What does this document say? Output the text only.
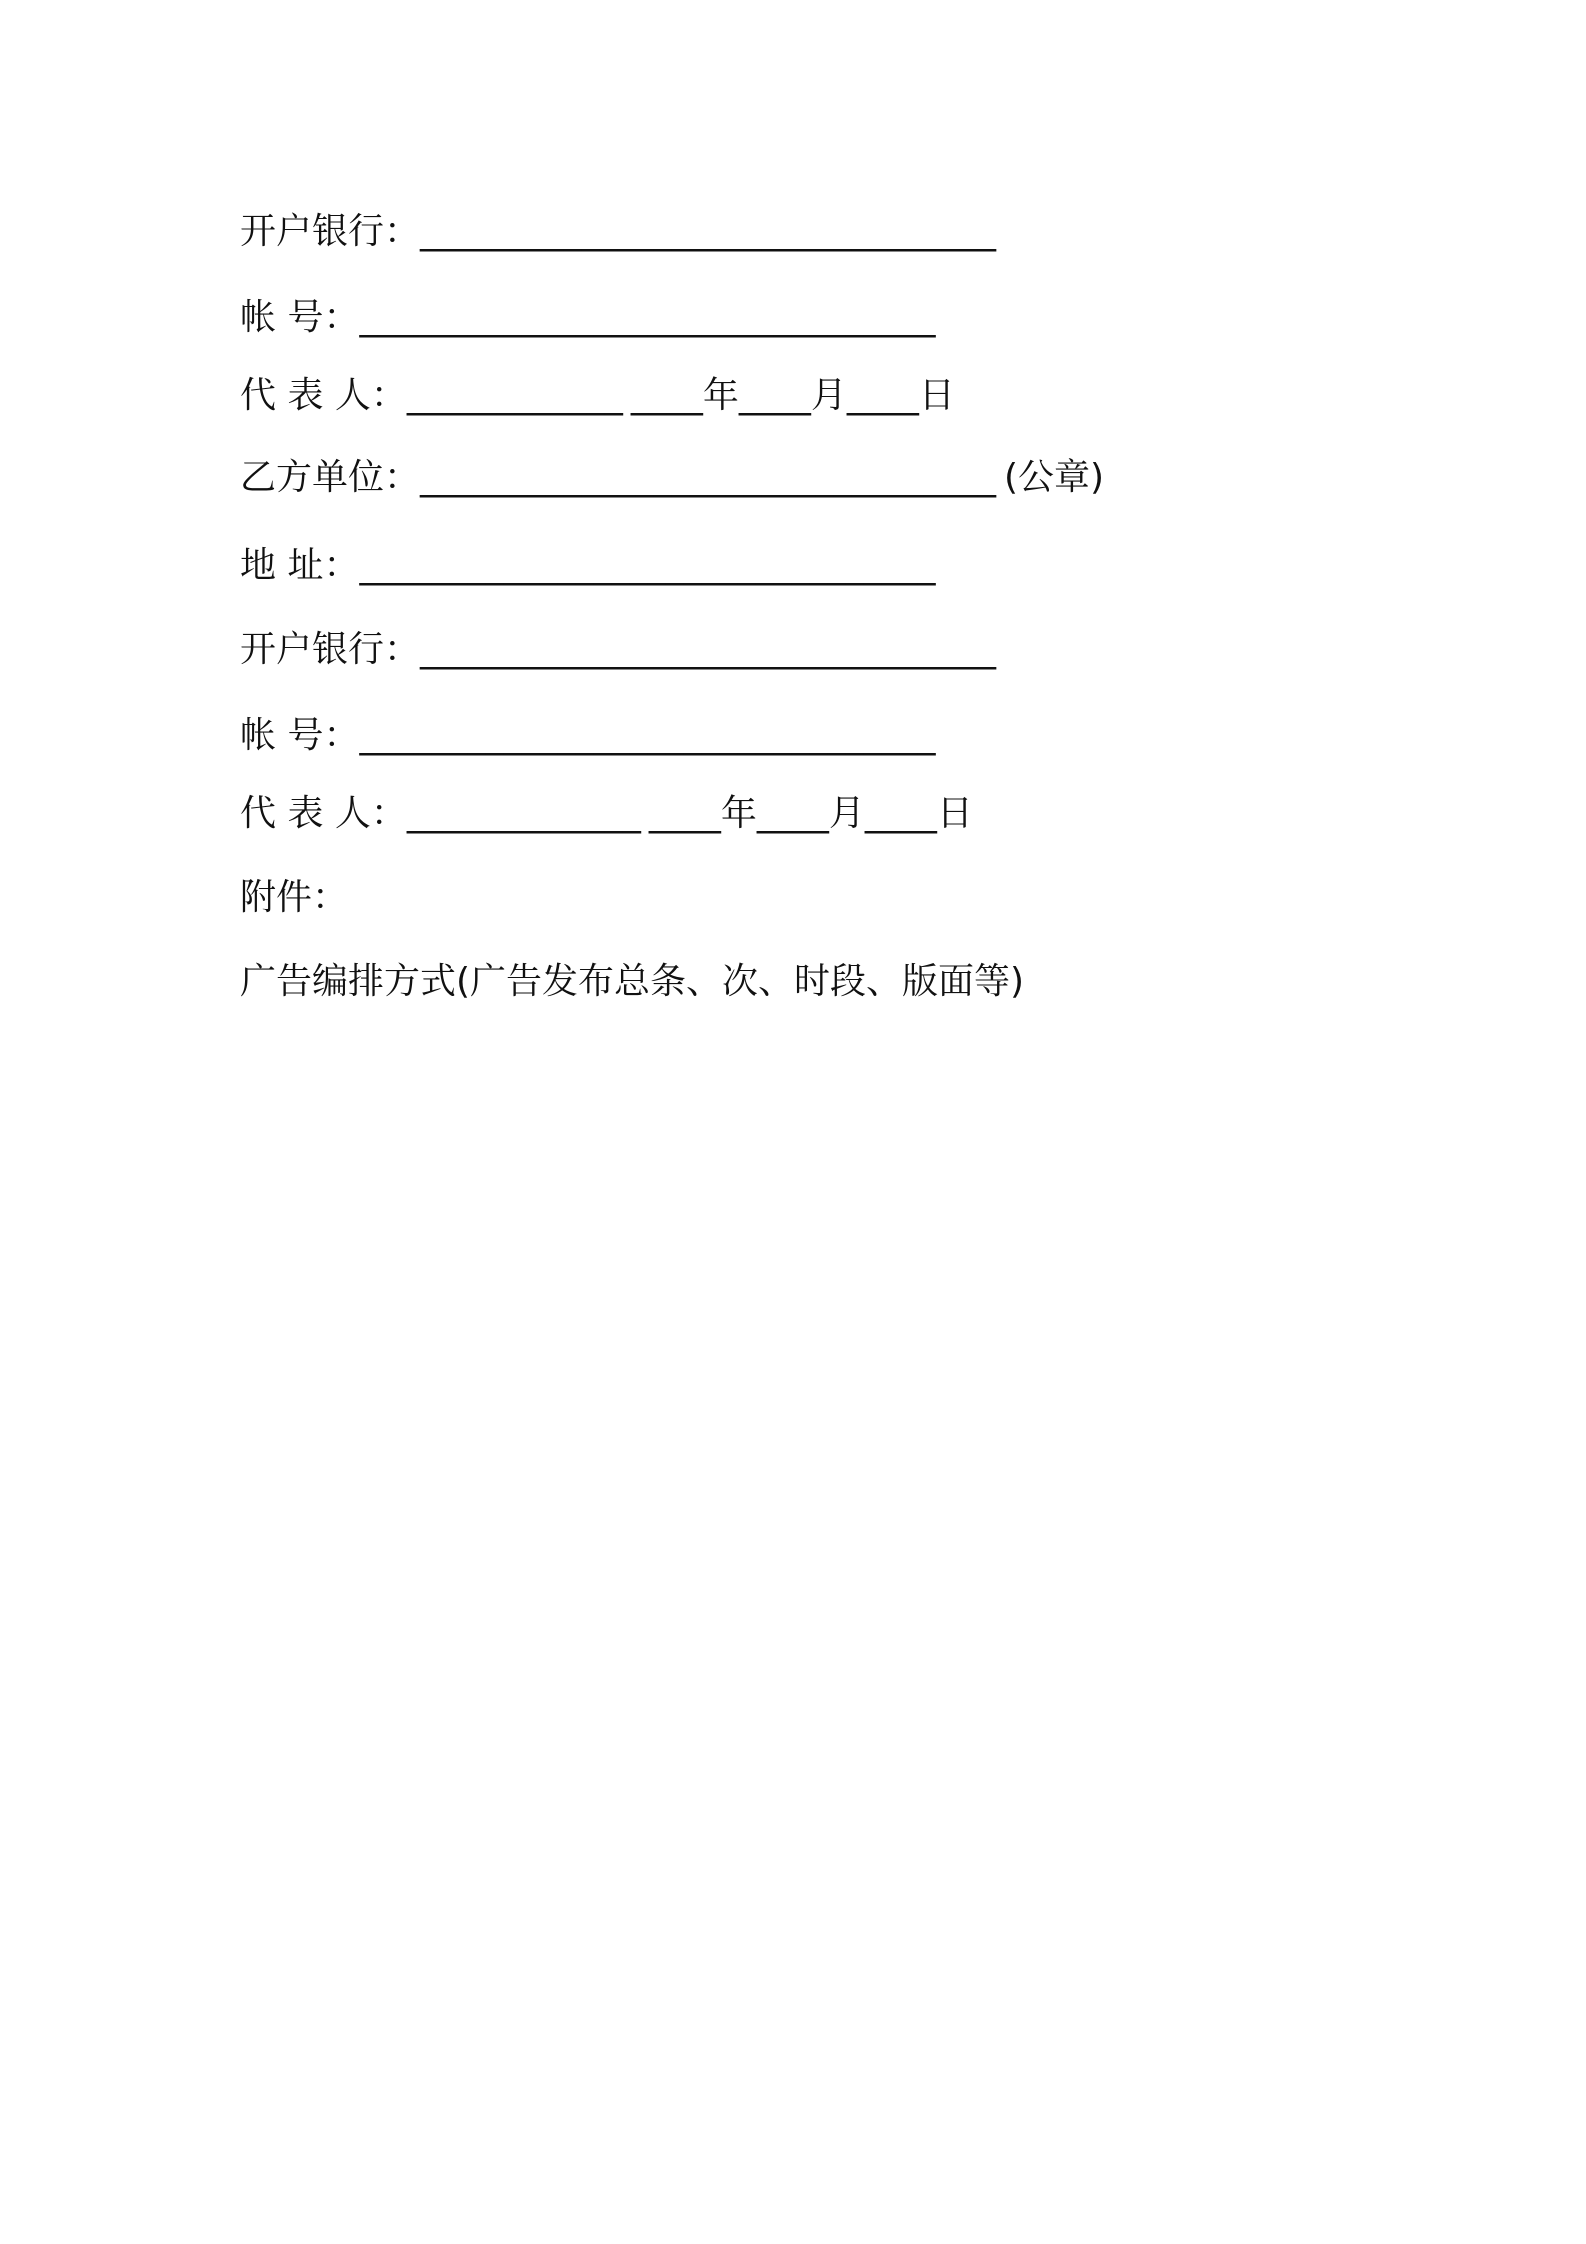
开户银行：________________________________
帐 号：________________________________
代 表 人：____________ ____年____月____日
乙方单位：________________________________ (公章)
地 址：________________________________
开户银行：________________________________
帐 号：________________________________
代 表 人：_____________ ____年____月____日
附件：
广告编排方式(广告发布总条、次、时段、版面等)
